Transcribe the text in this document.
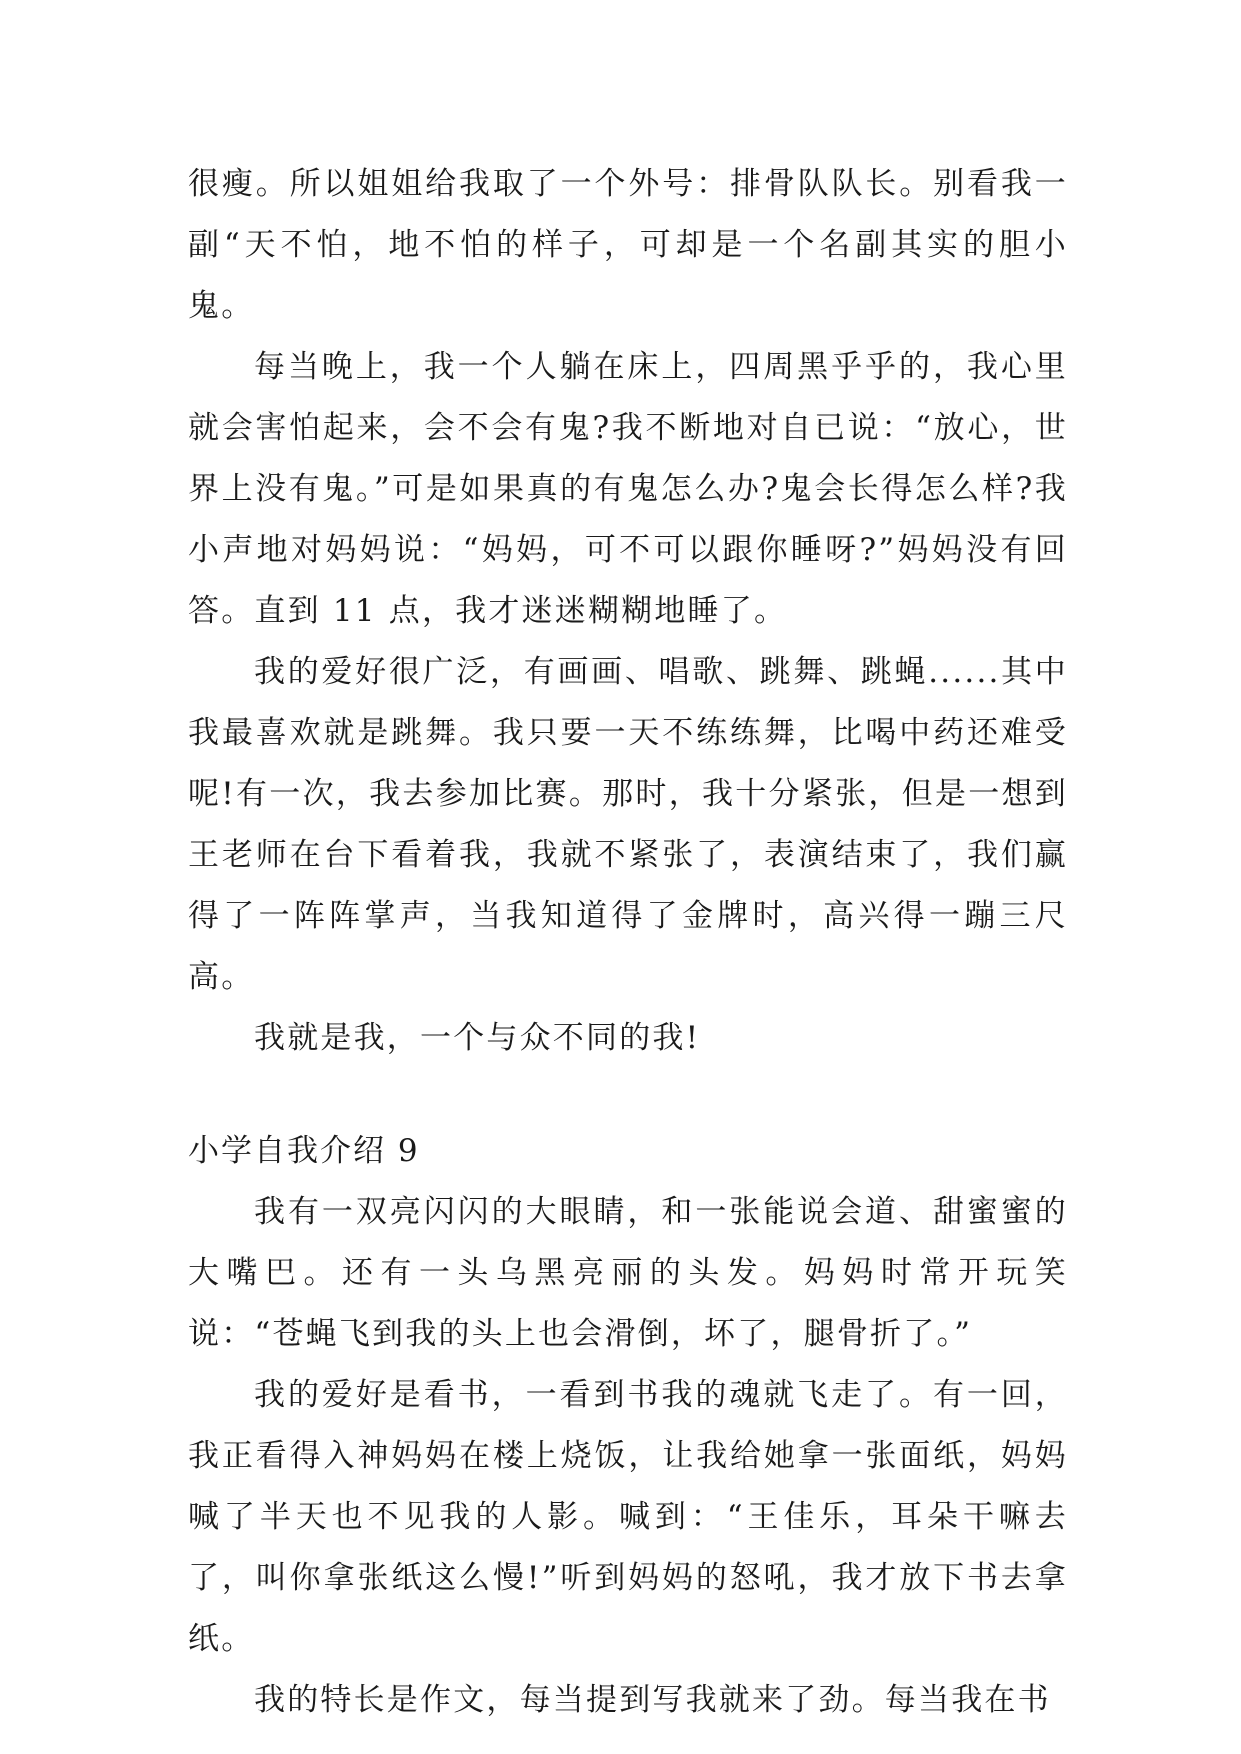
很瘦。所以姐姐给我取了一个外号：排骨队队长。别看我一副“天不怕，地不怕的样子，可却是一个名副其实的胆小鬼。

每当晚上，我一个人躺在床上，四周黑乎乎的，我心里就会害怕起来，会不会有鬼?我不断地对自已说：“放心，世界上没有鬼。”可是如果真的有鬼怎么办?鬼会长得怎么样?我小声地对妈妈说：“妈妈，可不可以跟你睡呀?”妈妈没有回答。直到 11 点，我才迷迷糊糊地睡了。

我的爱好很广泛，有画画、唱歌、跳舞、跳蝇......其中我最喜欢就是跳舞。我只要一天不练练舞，比喝中药还难受呢!有一次，我去参加比赛。那时，我十分紧张，但是一想到王老师在台下看着我，我就不紧张了，表演结束了，我们赢得了一阵阵掌声，当我知道得了金牌时，高兴得一蹦三尺高。

我就是我，一个与众不同的我!

小学自我介绍 9

我有一双亮闪闪的大眼睛，和一张能说会道、甜蜜蜜的大嘴巴。还有一头乌黑亮丽的头发。妈妈时常开玩笑说：“苍蝇飞到我的头上也会滑倒，坏了，腿骨折了。”

我的爱好是看书，一看到书我的魂就飞走了。有一回，我正看得入神妈妈在楼上烧饭，让我给她拿一张面纸，妈妈喊了半天也不见我的人影。喊到：“王佳乐，耳朵干嘛去了，叫你拿张纸这么慢!”听到妈妈的怒吼，我才放下书去拿纸。

我的特长是作文，每当提到写我就来了劲。每当我在书
